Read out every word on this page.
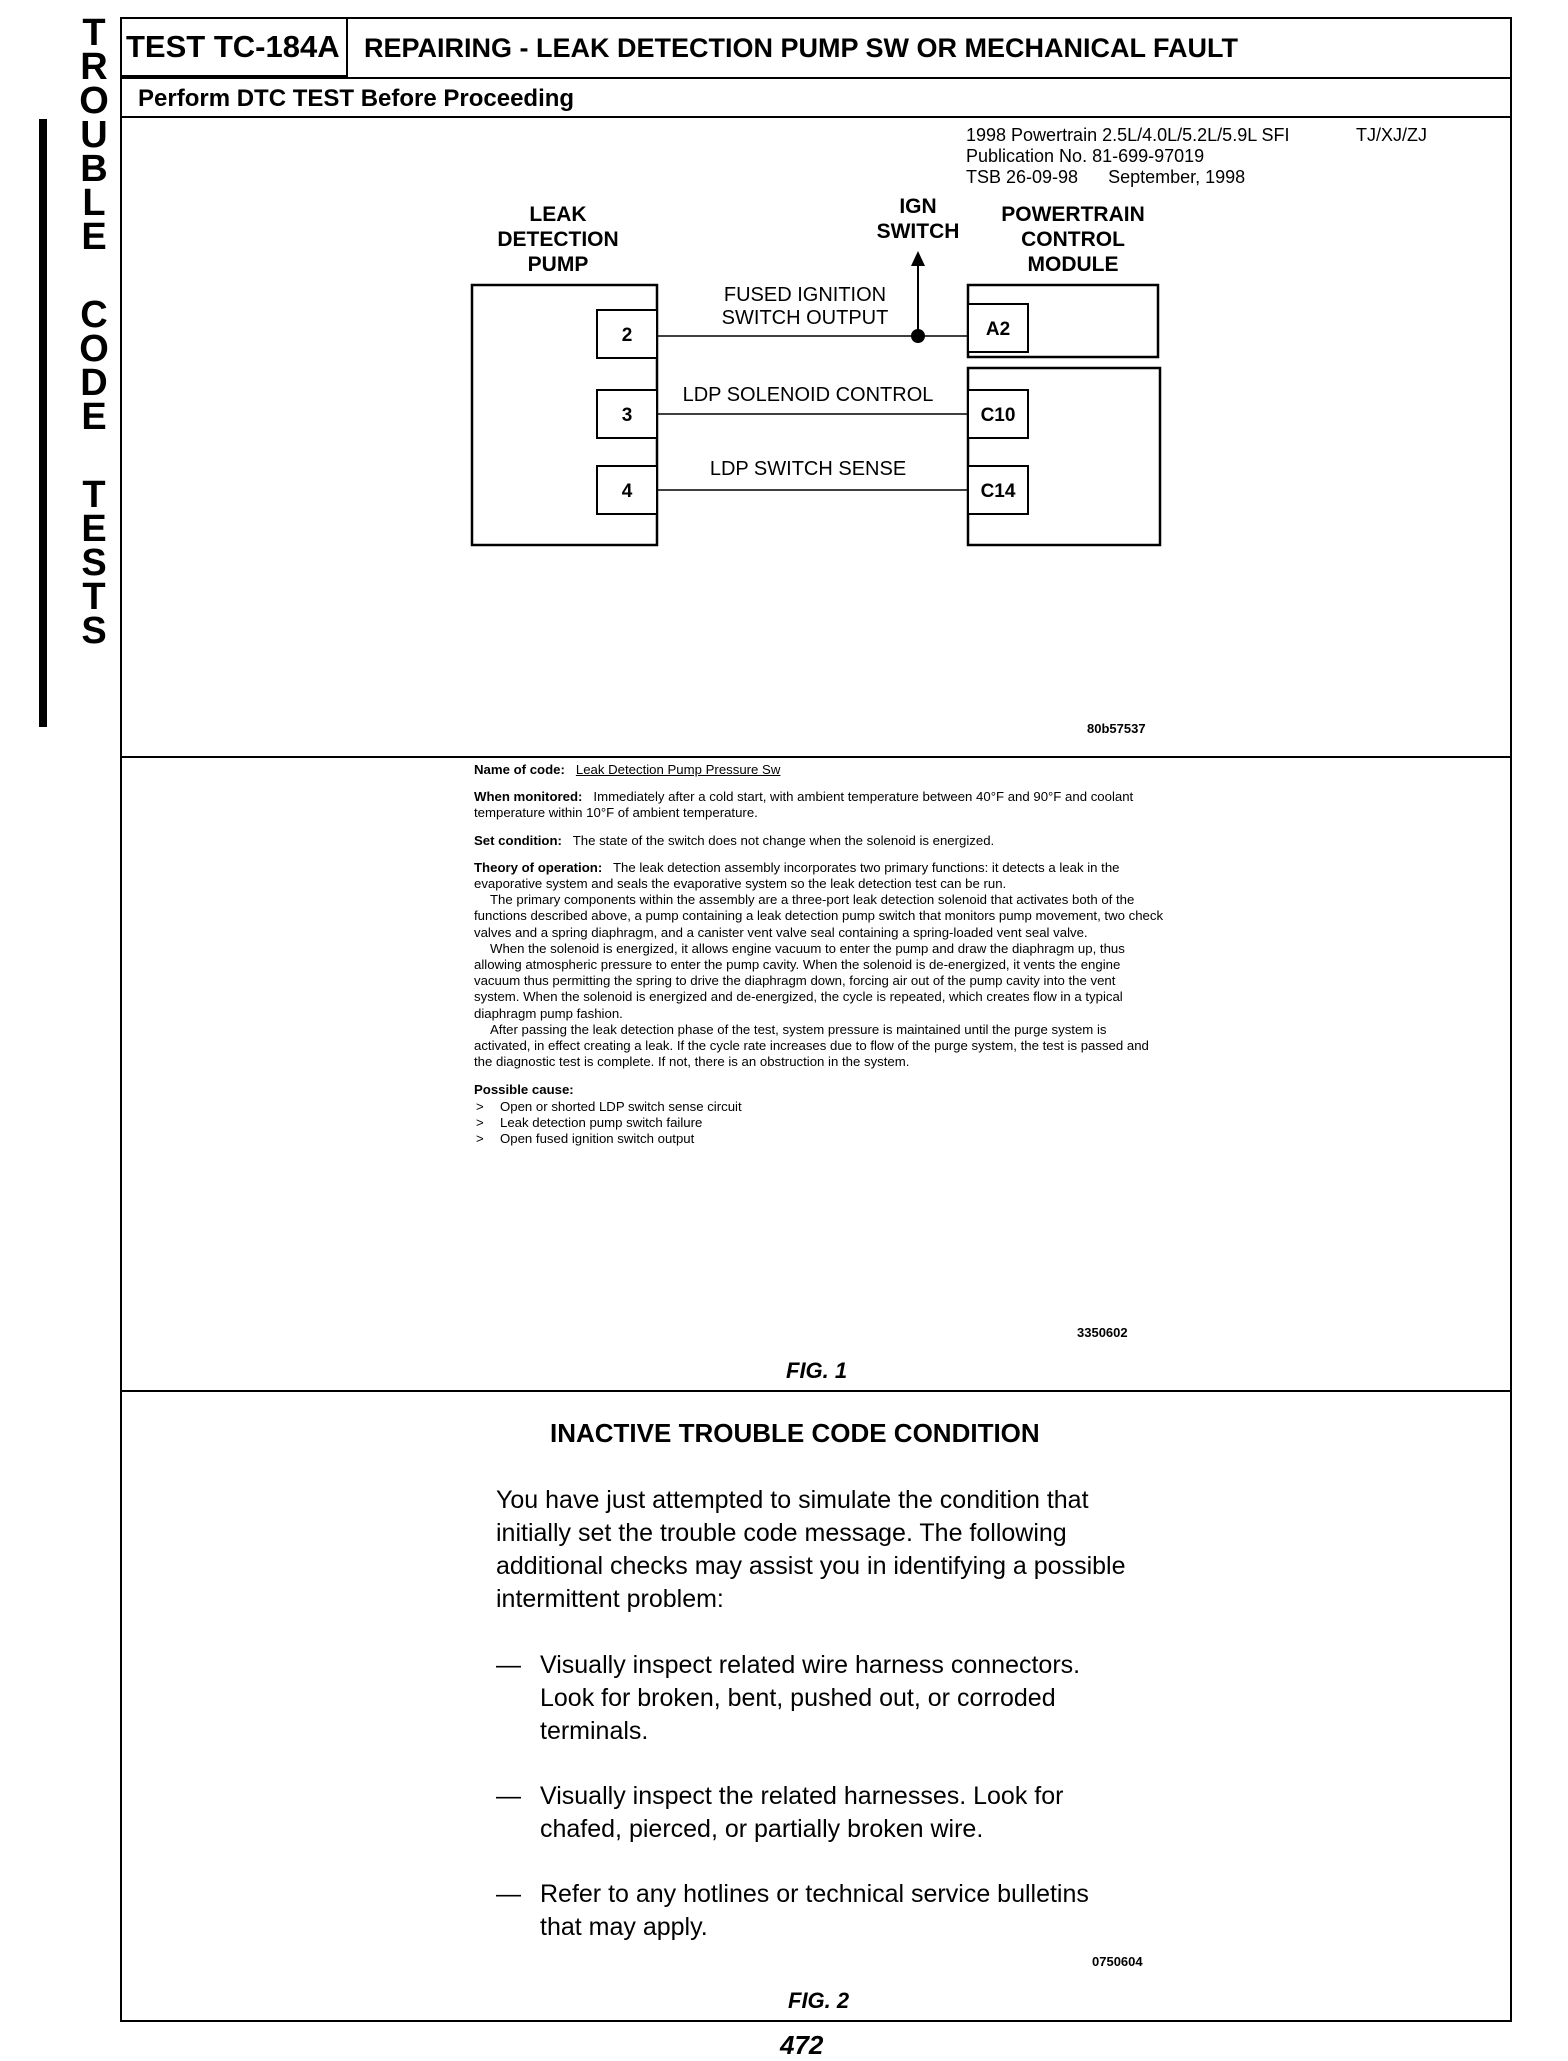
TROUBLE
CODE
TESTS
TEST TC-184A REPAIRING - LEAK DETECTION PUMP SW OR MECHANICAL FAULT
Perform DTC TEST Before Proceeding
1998 Powertrain 2.5L/4.0L/5.2L/5.9L SFI
Publication No. 81-699-97019
TSB 26-09-98      September, 1998
TJ/XJ/ZJ
LEAK
DETECTION
PUMP
IGN
SWITCH
POWERTRAIN
CONTROL
MODULE
2
3
4
A2
C10
C14
FUSED IGNITION
SWITCH OUTPUT
LDP SOLENOID CONTROL
LDP SWITCH SENSE
80b57537

Name of code: Leak Detection Pump Pressure Sw

When monitored: Immediately after a cold start, with ambient temperature between 40°F and 90°F and coolant temperature within 10°F of ambient temperature.

Set condition: The state of the switch does not change when the solenoid is energized.

Theory of operation: The leak detection assembly incorporates two primary functions: it detects a leak in the evaporative system and seals the evaporative system so the leak detection test can be run.

The primary components within the assembly are a three-port leak detection solenoid that activates both of the functions described above, a pump containing a leak detection pump switch that monitors pump movement, two check valves and a spring diaphragm, and a canister vent valve seal containing a spring-loaded vent seal valve.

When the solenoid is energized, it allows engine vacuum to enter the pump and draw the diaphragm up, thus allowing atmospheric pressure to enter the pump cavity. When the solenoid is de-energized, it vents the engine vacuum thus permitting the spring to drive the diaphragm down, forcing air out of the pump cavity into the vent system. When the solenoid is energized and de-energized, the cycle is repeated, which creates flow in a typical diaphragm pump fashion.

After passing the leak detection phase of the test, system pressure is maintained until the purge system is activated, in effect creating a leak. If the cycle rate increases due to flow of the purge system, the test is passed and the diagnostic test is complete. If not, there is an obstruction in the system.

Possible cause:
> Open or shorted LDP switch sense circuit
> Leak detection pump switch failure
> Open fused ignition switch output
3350602
FIG. 1
INACTIVE TROUBLE CODE CONDITION

You have just attempted to simulate the condition that initially set the trouble code message. The following additional checks may assist you in identifying a possible intermittent problem:

— Visually inspect related wire harness connectors. Look for broken, bent, pushed out, or corroded terminals.
— Visually inspect the related harnesses. Look for chafed, pierced, or partially broken wire.
— Refer to any hotlines or technical service bulletins that may apply.
0750604
FIG. 2
472
